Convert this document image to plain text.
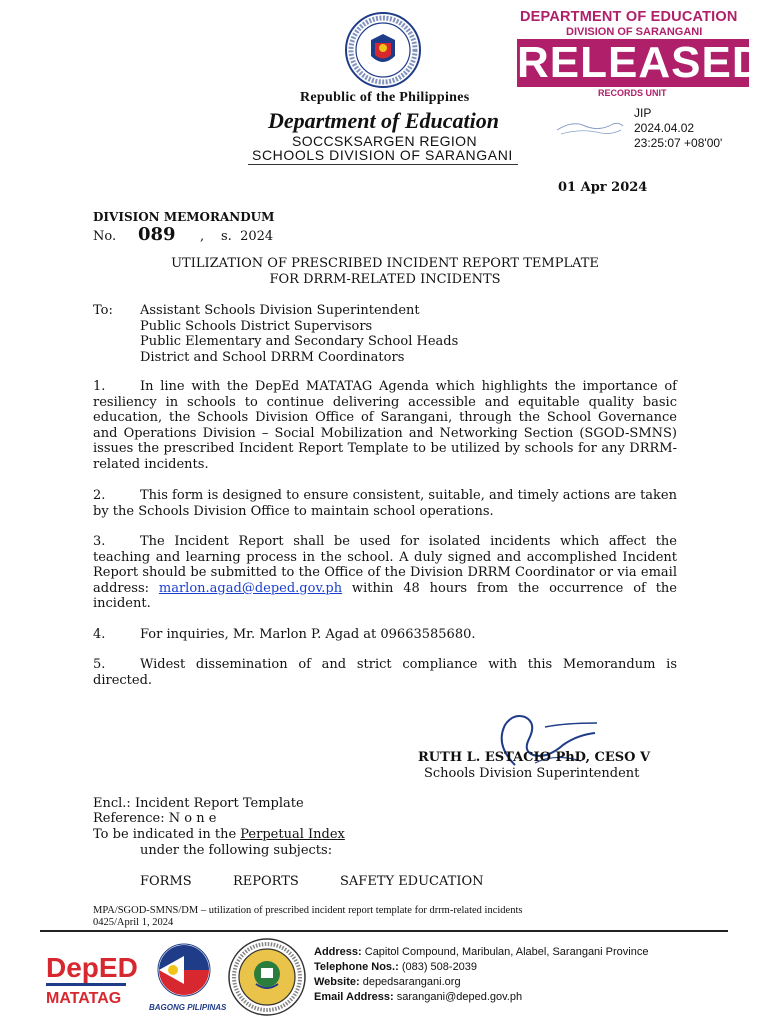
Republic of the Philippines
Department of Education
SOCCSKSARGEN REGION
SCHOOLS DIVISION OF SARANGANI
DEPARTMENT OF EDUCATION
DIVISION OF SARANGANI
RELEASED
RECORDS UNIT
JIP
2024.04.02
23:25:07 +08'00'
01 Apr 2024
DIVISION MEMORANDUM
No. 089 , s.  2024
UTILIZATION OF PRESCRIBED INCIDENT REPORT TEMPLATE
FOR DRRM-RELATED INCIDENTS
To: Assistant Schools Division Superintendent
Public Schools District Supervisors
Public Elementary and Secondary School Heads
District and School DRRM Coordinators
1.	In line with the DepEd MATATAG Agenda which highlights the importance of resiliency in schools to continue delivering accessible and equitable quality basic education, the Schools Division Office of Sarangani, through the School Governance and Operations Division – Social Mobilization and Networking Section (SGOD-SMNS) issues the prescribed Incident Report Template to be utilized by schools for any DRRM-related incidents.
2.	This form is designed to ensure consistent, suitable, and timely actions are taken by the Schools Division Office to maintain school operations.
3.	The Incident Report shall be used for isolated incidents which affect the teaching and learning process in the school. A duly signed and accomplished Incident Report should be submitted to the Office of the Division DRRM Coordinator or via email address: marlon.agad@deped.gov.ph within 48 hours from the occurrence of the incident.
4.	For inquiries, Mr. Marlon P. Agad at 09663585680.
5.	Widest dissemination of and strict compliance with this Memorandum is directed.
RUTH L. ESTACIO PhD, CESO V
Schools Division Superintendent
Encl.: Incident Report Template
Reference: N o n e
To be indicated in the Perpetual Index
under the following subjects:
FORMS	REPORTS	SAFETY EDUCATION
MPA/SGOD-SMNS/DM – utilization of prescribed incident report template for drrm-related incidents
0425/April 1, 2024
DepED
MATATAG
BAGONG PILIPINAS
Address: Capitol Compound, Maribulan, Alabel, Sarangani Province
Telephone Nos.: (083) 508-2039
Website: depedsarangani.org
Email Address: sarangani@deped.gov.ph
